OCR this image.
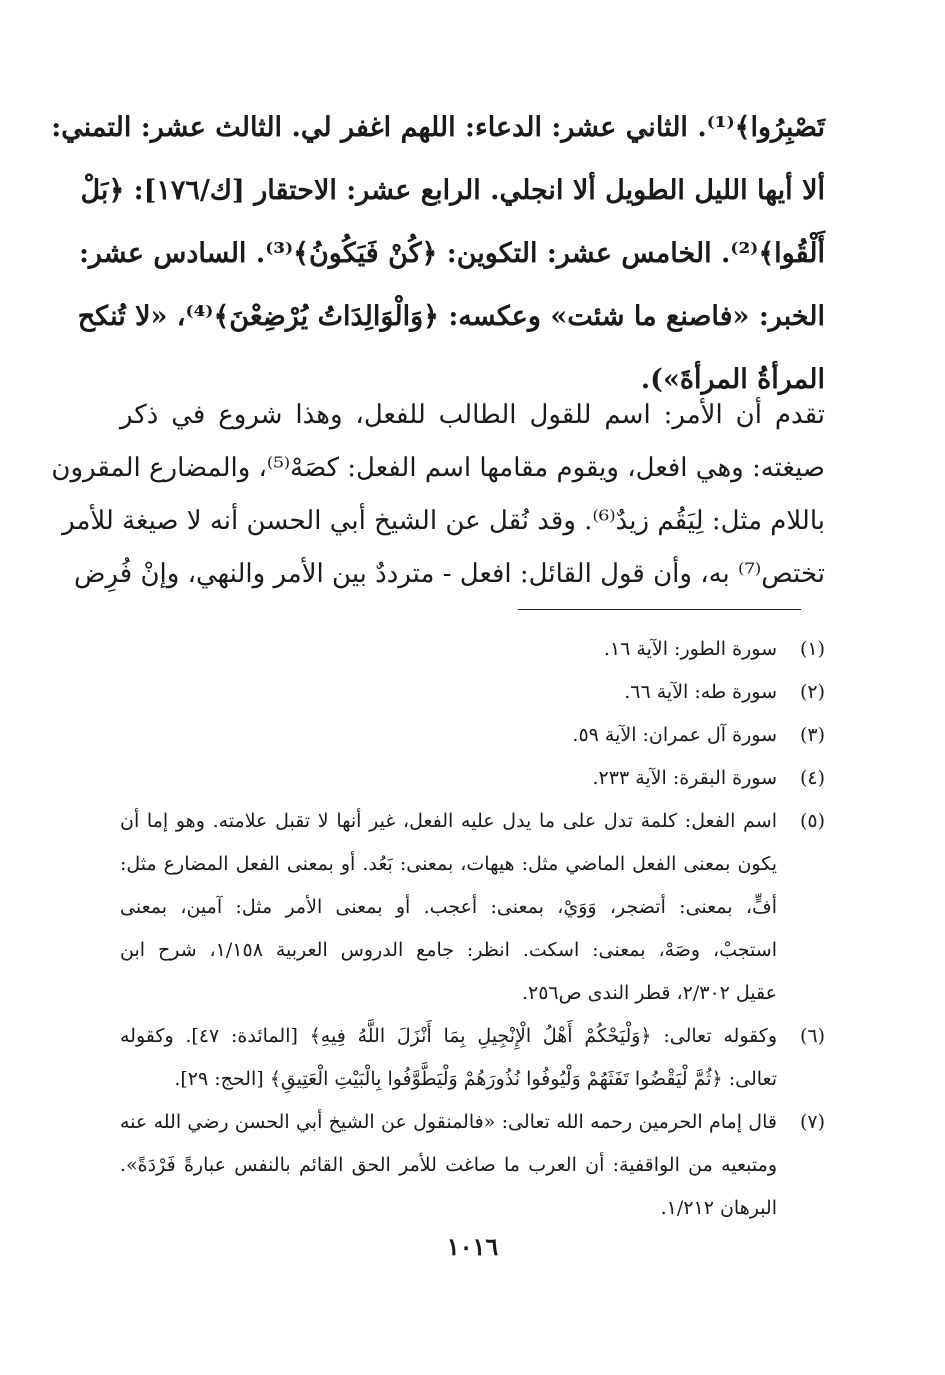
تَصْبِرُوا﴾⁽¹⁾. الثاني عشر: الدعاء: اللهم اغفر لي. الثالث عشر: التمني:
ألا أيها الليل الطويل ألا انجلي. الرابع عشر: الاحتقار [ك/١٧٦]: ﴿بَلْ
أَلْقُوا﴾⁽²⁾. الخامس عشر: التكوين: ﴿كُنْ فَيَكُونُ﴾⁽³⁾. السادس عشر:
الخبر: «فاصنع ما شئت» وعكسه: ﴿وَالْوَالِدَاتُ يُرْضِعْنَ﴾⁽⁴⁾، «لا تُنكح
المرأةُ المرأةَ»).
تقدم أن الأمر: اسم للقول الطالب للفعل، وهذا شروع في ذكر
صيغته: وهي افعل، ويقوم مقامها اسم الفعل: كصَهْ⁽⁵⁾، والمضارع المقرون
باللام مثل: لِيَقُم زيدٌ⁽⁶⁾. وقد نُقل عن الشيخ أبي الحسن أنه لا صيغة للأمر
تختص⁽⁷⁾ به، وأن قول القائل: افعل - مترددٌ بين الأمر والنهي، وإنْ فُرِض
(١)
سورة الطور: الآية ١٦.
(٢)
سورة طه: الآية ٦٦.
(٣)
سورة آل عمران: الآية ٥٩.
(٤)
سورة البقرة: الآية ٢٣٣.
(٥)
اسم الفعل: كلمة تدل على ما يدل عليه الفعل، غير أنها لا تقبل علامته. وهو إما أن
يكون بمعنى الفعل الماضي مثل: هيهات، بمعنى: بَعُد. أو بمعنى الفعل المضارع مثل:
أفٍّ، بمعنى: أتضجر، وَوَيْ، بمعنى: أعجب. أو بمعنى الأمر مثل: آمين، بمعنى
استجبْ، وصَهْ، بمعنى: اسكت. انظر: جامع الدروس العربية ١/١٥٨، شرح ابن
عقيل ٢/٣٠٢، قطر الندى ص٢٥٦.
(٦)
وكقوله تعالى: ﴿وَلْيَحْكُمْ أَهْلُ الْإِنْجِيلِ بِمَا أَنْزَلَ اللَّهُ فِيهِ﴾ [المائدة: ٤٧]. وكقوله
تعالى: ﴿ثُمَّ لْيَقْضُوا تَفَثَهُمْ وَلْيُوفُوا نُذُورَهُمْ وَلْيَطَّوَّفُوا بِالْبَيْتِ الْعَتِيقِ﴾ [الحج: ٢٩].
(٧)
قال إمام الحرمين رحمه الله تعالى: «فالمنقول عن الشيخ أبي الحسن رضي الله عنه
ومتبعيه من الواقفية: أن العرب ما صاغت للأمر الحق القائم بالنفس عبارةً فَرْدَةً».
البرهان ١/٢١٢.
١٠١٦
